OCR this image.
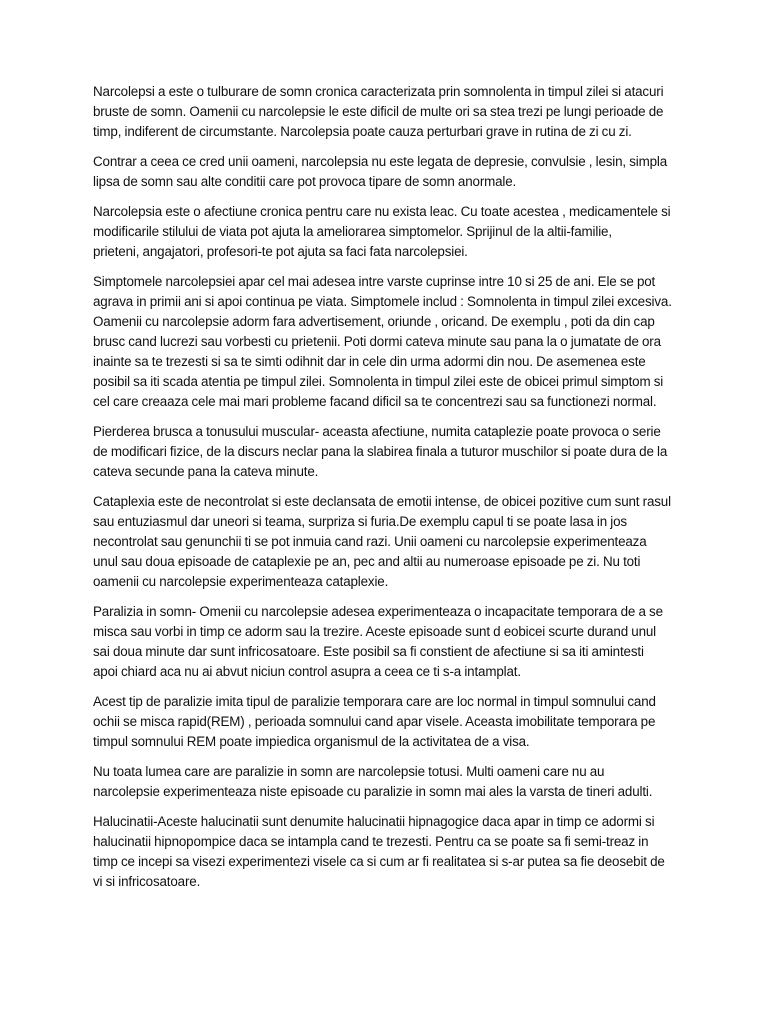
Narcolepsi a este o tulburare de somn cronica caracterizata prin somnolenta in timpul zilei si atacuri
bruste de somn. Oamenii cu narcolepsie le este dificil de multe ori sa stea trezi pe lungi perioade de
timp, indiferent de circumstante. Narcolepsia poate cauza perturbari grave in rutina de zi cu zi.
Contrar a ceea ce cred unii oameni, narcolepsia nu este legata de depresie, convulsie , lesin, simpla
lipsa de somn sau alte conditii care pot provoca tipare de somn anormale.
Narcolepsia este o afectiune cronica pentru care nu exista leac. Cu toate acestea , medicamentele si
modificarile stilului de viata pot ajuta la ameliorarea simptomelor. Sprijinul de la altii-familie,
prieteni, angajatori, profesori-te pot ajuta sa faci fata narcolepsiei.
Simptomele narcolepsiei apar cel mai adesea intre varste cuprinse intre 10 si 25 de ani. Ele se pot
agrava in primii ani si apoi continua pe viata. Simptomele includ : Somnolenta in timpul zilei excesiva.
Oamenii cu narcolepsie adorm fara advertisement, oriunde , oricand. De exemplu , poti da din cap
brusc cand lucrezi sau vorbesti cu prietenii. Poti dormi cateva minute sau pana la o jumatate de ora
inainte sa te trezesti si sa te simti odihnit dar in cele din urma adormi din nou. De asemenea este
posibil sa iti scada atentia pe timpul zilei. Somnolenta in timpul zilei este de obicei primul simptom si
cel care creaaza cele mai mari probleme facand dificil sa te concentrezi sau sa functionezi normal.
Pierderea brusca a tonusului muscular- aceasta afectiune, numita cataplezie poate provoca o serie
de modificari fizice, de la discurs neclar pana la slabirea finala a tuturor muschilor si poate dura de la
cateva secunde pana la cateva minute.
Cataplexia este de necontrolat si este declansata de emotii intense, de obicei pozitive cum sunt rasul
sau entuziasmul dar uneori si teama, surpriza si furia.De exemplu capul ti se poate lasa in jos
necontrolat sau genunchii ti se pot inmuia cand razi. Unii oameni cu narcolepsie experimenteaza
unul sau doua episoade de cataplexie pe an, pec and altii au numeroase episoade pe zi. Nu toti
oamenii cu narcolepsie experimenteaza cataplexie.
Paralizia in somn- Omenii cu narcolepsie adesea experimenteaza o incapacitate temporara de a se
misca sau vorbi in timp ce adorm sau la trezire. Aceste episoade sunt d eobicei scurte durand unul
sai doua minute dar sunt infricosatoare. Este posibil sa fi constient de afectiune si sa iti amintesti
apoi chiard aca nu ai abvut niciun control asupra a ceea ce ti s-a intamplat.
Acest tip de paralizie imita tipul de paralizie temporara care are loc normal in timpul somnului cand
ochii se misca rapid(REM) , perioada somnului cand apar visele. Aceasta imobilitate temporara pe
timpul somnului REM poate impiedica organismul de la activitatea de a visa.
Nu toata lumea care are paralizie in somn are narcolepsie totusi. Multi oameni care nu au
narcolepsie experimenteaza niste episoade cu paralizie in somn mai ales la varsta de tineri adulti.
Halucinatii-Aceste halucinatii sunt denumite halucinatii hipnagogice daca apar in timp ce adormi si
halucinatii hipnopompice daca se intampla cand te trezesti. Pentru ca se poate sa fi semi-treaz in
timp ce incepi sa visezi experimentezi visele ca si cum ar fi realitatea si s-ar putea sa fie deosebit de
vi si infricosatoare.
